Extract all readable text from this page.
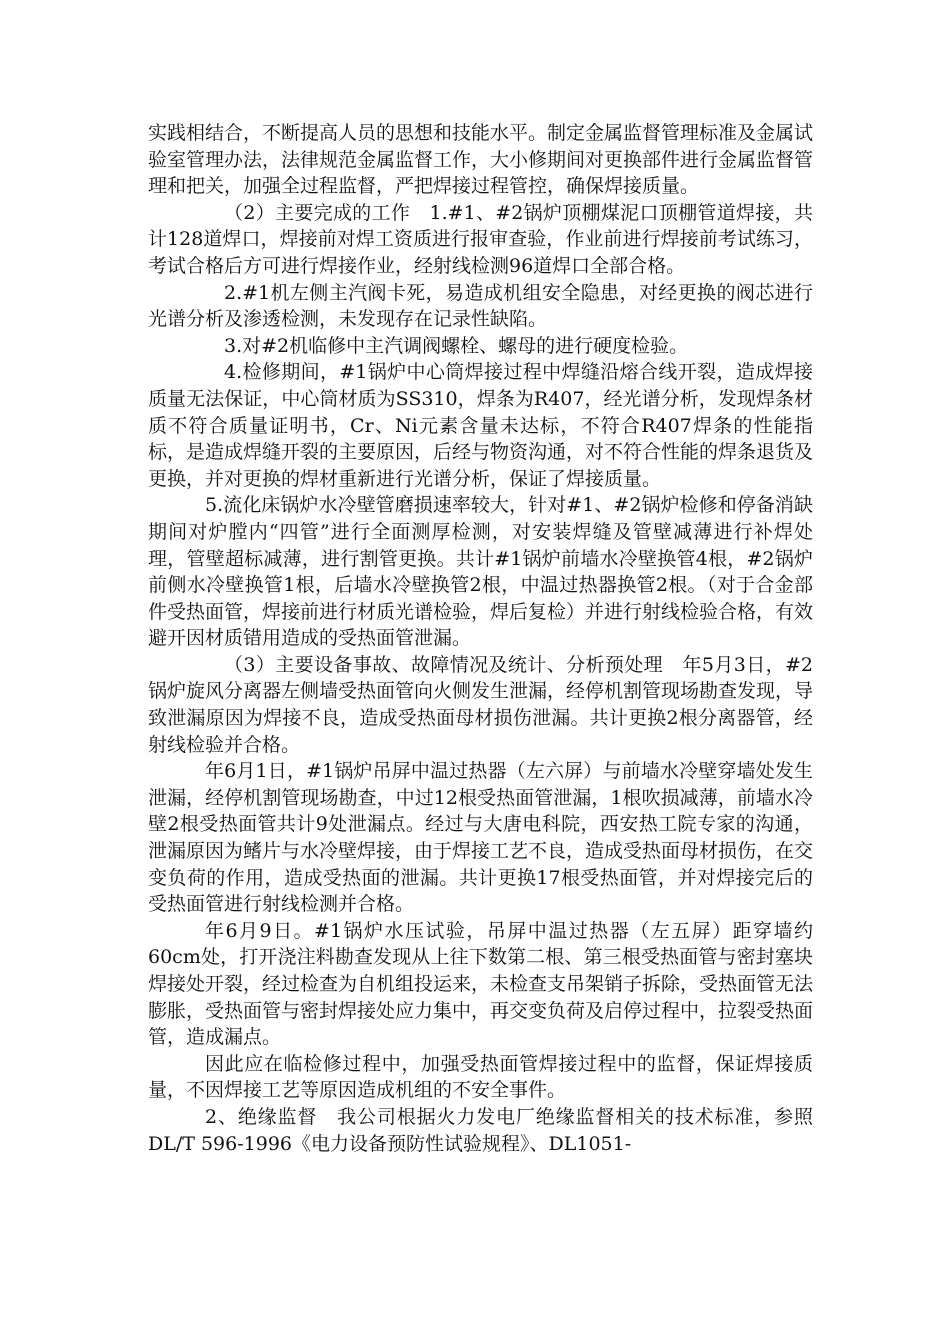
实践相结合，不断提高人员的思想和技能水平。制定金属监督管理标准及金属试验室管理办法，法律规范金属监督工作，大小修期间对更换部件进行金属监督管理和把关，加强全过程监督，严把焊接过程管控，确保焊接质量。

（2）主要完成的工作　1.#1、#2锅炉顶棚煤泥口顶棚管道焊接，共计128道焊口，焊接前对焊工资质进行报审查验，作业前进行焊接前考试练习，考试合格后方可进行焊接作业，经射线检测96道焊口全部合格。

2.#1机左侧主汽阀卡死，易造成机组安全隐患，对经更换的阀芯进行光谱分析及渗透检测，未发现存在记录性缺陷。

3.对#2机临修中主汽调阀螺栓、螺母的进行硬度检验。

4.检修期间，#1锅炉中心筒焊接过程中焊缝沿熔合线开裂，造成焊接质量无法保证，中心筒材质为SS310，焊条为R407，经光谱分析，发现焊条材质不符合质量证明书，Cr、Ni元素含量未达标，不符合R407焊条的性能指标，是造成焊缝开裂的主要原因，后经与物资沟通，对不符合性能的焊条退货及更换，并对更换的焊材重新进行光谱分析，保证了焊接质量。

5.流化床锅炉水冷壁管磨损速率较大，针对#1、#2锅炉检修和停备消缺期间对炉膛内“四管”进行全面测厚检测，对安装焊缝及管壁减薄进行补焊处理，管壁超标减薄，进行割管更换。共计#1锅炉前墙水冷壁换管4根，#2锅炉前侧水冷壁换管1根，后墙水冷壁换管2根，中温过热器换管2根。（对于合金部件受热面管，焊接前进行材质光谱检验，焊后复检）并进行射线检验合格，有效避开因材质错用造成的受热面管泄漏。

（3）主要设备事故、故障情况及统计、分析预处理　年5月3日，#2锅炉旋风分离器左侧墙受热面管向火侧发生泄漏，经停机割管现场勘查发现，导致泄漏原因为焊接不良，造成受热面母材损伤泄漏。共计更换2根分离器管，经射线检验并合格。

年6月1日，#1锅炉吊屏中温过热器（左六屏）与前墙水冷壁穿墙处发生泄漏，经停机割管现场勘查，中过12根受热面管泄漏，1根吹损减薄，前墙水冷壁2根受热面管共计9处泄漏点。经过与大唐电科院，西安热工院专家的沟通，泄漏原因为鳍片与水冷壁焊接，由于焊接工艺不良，造成受热面母材损伤，在交变负荷的作用，造成受热面的泄漏。共计更换17根受热面管，并对焊接完后的受热面管进行射线检测并合格。

年6月9日。#1锅炉水压试验，吊屏中温过热器（左五屏）距穿墙约60cm处，打开浇注料勘查发现从上往下数第二根、第三根受热面管与密封塞块焊接处开裂，经过检查为自机组投运来，未检查支吊架销子拆除，受热面管无法膨胀，受热面管与密封焊接处应力集中，再交变负荷及启停过程中，拉裂受热面管，造成漏点。

因此应在临检修过程中，加强受热面管焊接过程中的监督，保证焊接质量，不因焊接工艺等原因造成机组的不安全事件。

2、绝缘监督　我公司根据火力发电厂绝缘监督相关的技术标准，参照DL/T 596-1996《电力设备预防性试验规程》、DL1051-
